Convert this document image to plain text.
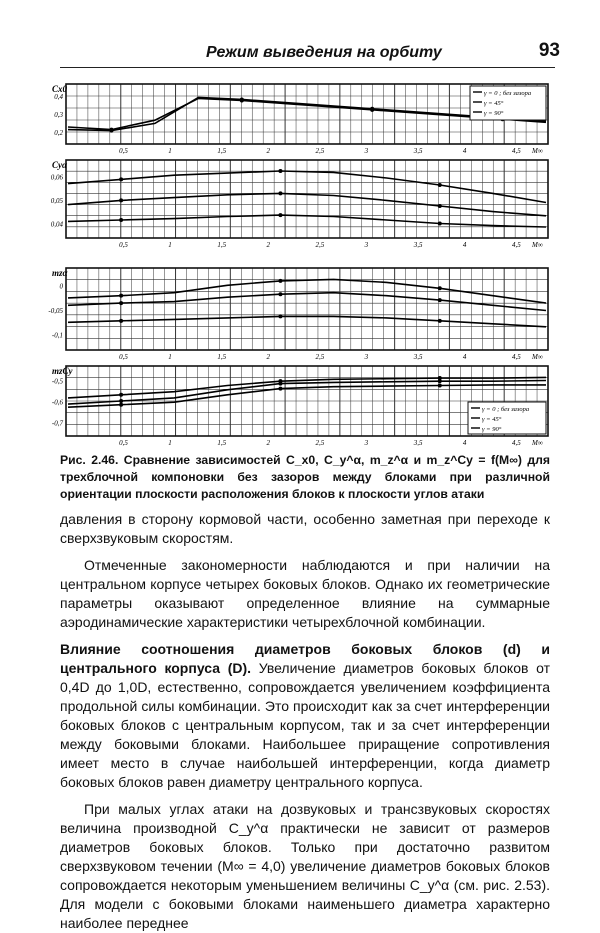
Режим выведения на орбиту	93
Cx0
0,4
0,3
0,2
0,5	1	1,5	2	2,5	3	3,5	4	4,5 M∞
Cyα
0,06
0,05
0,04
0,5	1	1,5	2	2,5	3	3,5	4	4,5 M∞
mzα
0
-0,05
-0,1
0,5	1	1,5	2	2,5	3	3,5	4	4,5 M∞
mzCy
-0,5
-0,6
-0,7
0,5	1	1,5	2	2,5	3	3,5	4	4,5 M∞
γ = 0 ; без зазора
γ = 45°
γ = 90°
γ = 0 ; без зазора
γ = 45°
γ = 90°
Рис. 2.46. Сравнение зависимостей C_x0, C_y^α, m_z^α и m_z^Cy = f(M∞) для трехблочной компоновки без зазоров между блоками при различной ориентации плоскости расположения блоков к плоскости углов атаки

давления в сторону кормовой части, особенно заметная при переходе к сверхзвуковым скоростям.

Отмеченные закономерности наблюдаются и при наличии на центральном корпусе четырех боковых блоков. Однако их геометрические параметры оказывают определенное влияние на суммарные аэродинамические характеристики четырехблочной комбинации.

Влияние соотношения диаметров боковых блоков (d) и центрального корпуса (D). Увеличение диаметров боковых блоков от 0,4D до 1,0D, естественно, сопровождается увеличением коэффициента продольной силы комбинации. Это происходит как за счет интерференции боковых блоков с центральным корпусом, так и за счет интерференции между боковыми блоками. Наибольшее приращение сопротивления имеет место в случае наибольшей интерференции, когда диаметр боковых блоков равен диаметру центрального корпуса.

При малых углах атаки на дозвуковых и трансзвуковых скоростях величина производной C_y^α практически не зависит от размеров диаметров боковых блоков. Только при достаточно развитом сверхзвуковом течении (M∞ = 4,0) увеличение диаметров боковых блоков сопровождается некоторым уменьшением величины C_y^α (см. рис. 2.53). Для модели с боковыми блоками наименьшего диаметра характерно наиболее переднее
